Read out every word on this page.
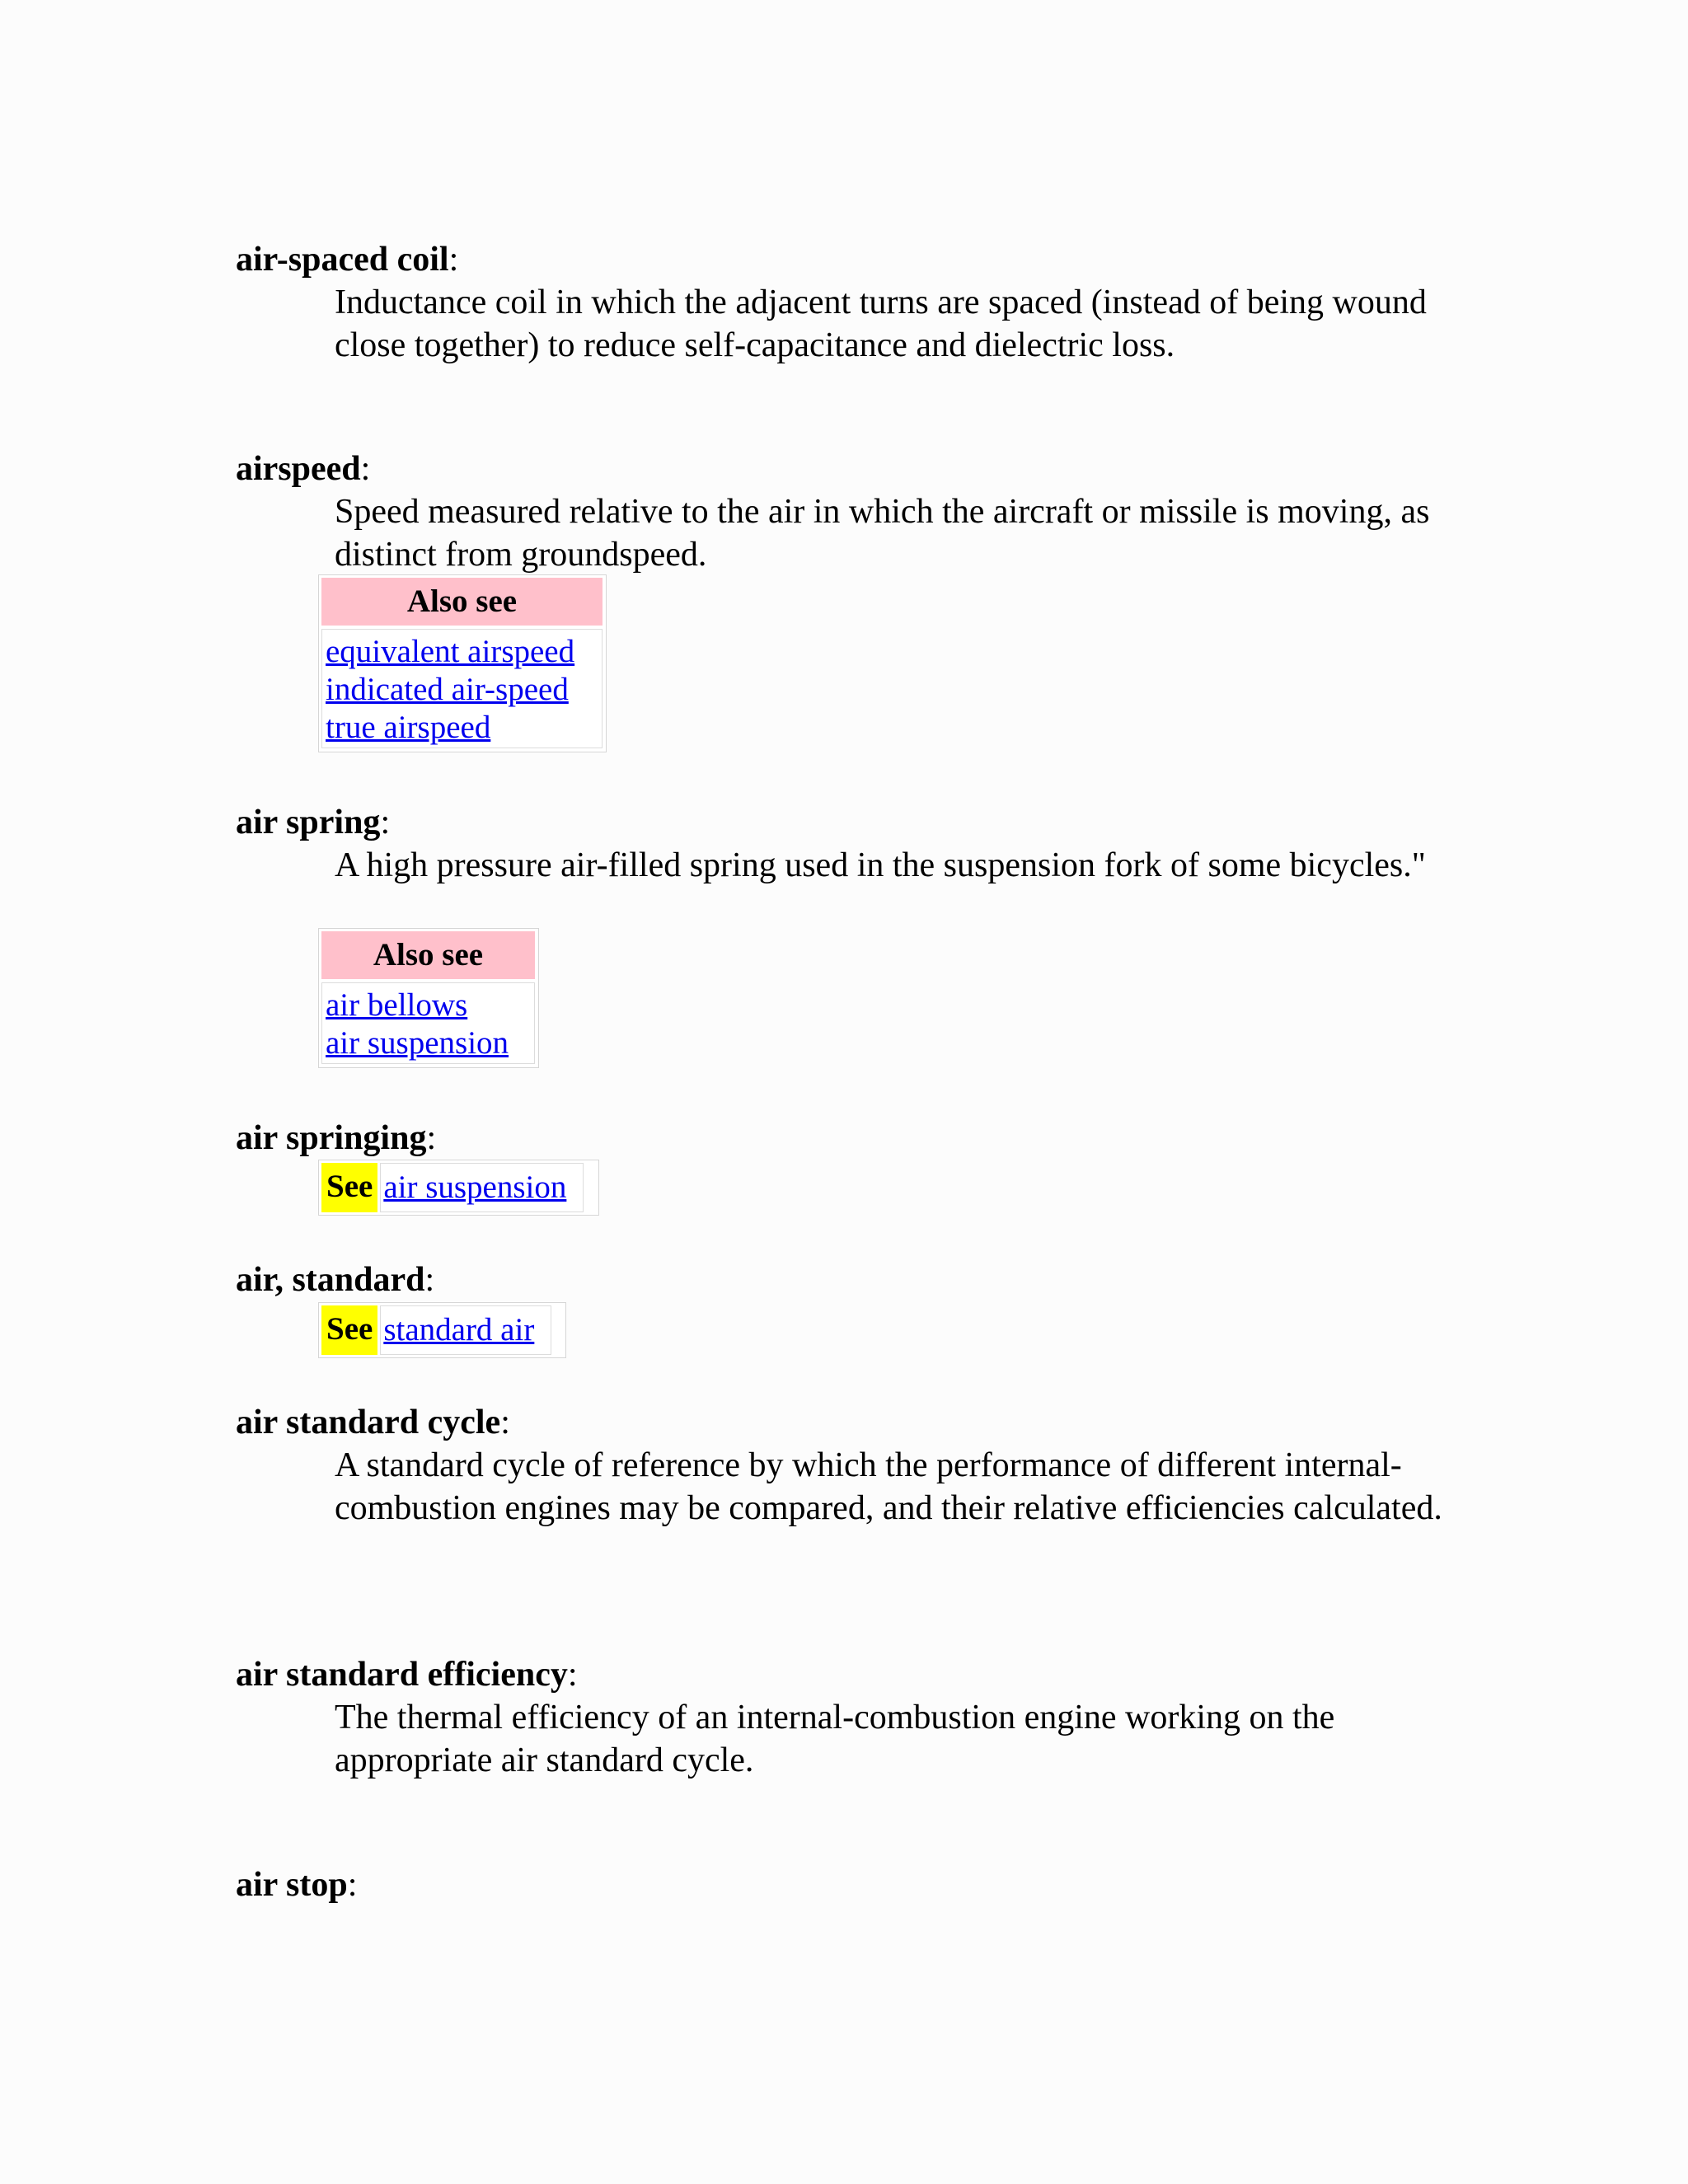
air-spaced coil:

Inductance coil in which the adjacent turns are spaced (instead of being wound close together) to reduce self-capacitance and dielectric loss.

airspeed:

Speed measured relative to the air in which the aircraft or missile is moving, as distinct from groundspeed.

Also see
equivalent airspeed
indicated air-speed
true airspeed
air spring:

A high pressure air-filled spring used in the suspension fork of some bicycles."

Also see
air bellows
air suspension
air springing:
See air suspension
air, standard:
See standard air
air standard cycle:

A standard cycle of reference by which the performance of different internal-combustion engines may be compared, and their relative efficiencies calculated.

air standard efficiency:

The thermal efficiency of an internal-combustion engine working on the appropriate air standard cycle.

air stop:
